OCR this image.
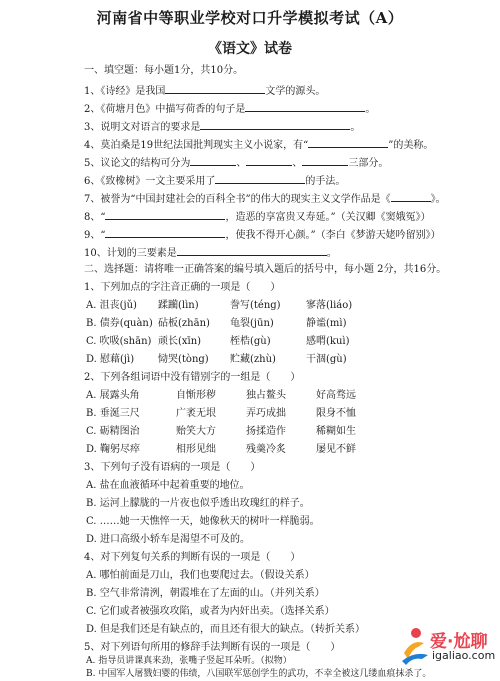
河南省中等职业学校对口升学模拟考试（A）
《语文》试卷
一、填空题：每小题1分，共10分。
1、《诗经》是我国	文学的源头。
2、《荷塘月色》中描写荷香的句子是	。
3、说明文对语言的要求是	。
4、莫泊桑是19世纪法国批判现实主义小说家，有“	”的美称。
5、议论文的结构可分为	、	、	三部分。
6、《致橡树》一文主要采用了	的手法。
7、被誉为“中国封建社会的百科全书”的伟大的现实主义文学作品是《	》。
8、“	，造恶的享富贵又寿延。”（关汉卿《窦娥冤》）
9、“	，使我不得开心颜。”（李白《梦游天姥吟留别》）
10、计划的三要素是	。
二、选择题：请将唯一正确答案的编号填入题后的括号中，每小题 2分，共16分。
1、下列加点的字注音正确的一项是（　　）
A. 沮丧(jǔ) 蹂躏(lìn)	誊写(téng)	寥落(liáo)
B. 债券(quàn) 砧板(zhān) 龟裂(jūn)	静谧(mì)
C. 吹吸(shān) 顽长(xīn)	桎梏(gù)	感喟(kuì)
D. 慰藉(jì) 恸哭(tòng) 贮藏(zhù)	干涸(gù)
2、下列各组词语中没有错别字的一组是（　　）
A. 展露头角	自惭形秽	独占鳌头	好高骛远
B. 垂涎三尺	广袤无垠	弄巧成拙	限身不恤
C. 砺精图治	贻笑大方	扬揉造作	稀糊如生
D. 鞠躬尽瘁	相形见绌	残羹冷炙	屡见不鲜
3、下列句子没有语病的一项是（　　）
A. 盐在血液循环中起着重要的地位。
B. 运河上朦胧的一片夜也似乎透出玫瑰红的样子。
C. ……她一天憔悴一天，她像秋天的树叶一样脆弱。
D. 进口高级小轿车是渴望不可及的。
4、对下列复句关系的判断有误的一项是（　　）
A. 哪怕前面是刀山，我们也要爬过去。（假设关系）
B. 空气非常清洌，朝霞堆在了左面的山。（并列关系）
C. 它们或者被强攻攻陷，或者为内奸出卖。（选择关系）
D. 但是我们还是有缺点的，而且还有很大的缺点。（转折关系）
5、对下列语句所用的修辞手法判断有误的一项是（　　）
A. 指导员讲课真来劲，张嘴子竖起耳朵听。（拟物）
B. 中国军人屠戮妇婴的伟绩，八国联军惩创学生的武功，不幸全被这几缕血痕抹杀了。
爱·尬聊
igaliao.com
